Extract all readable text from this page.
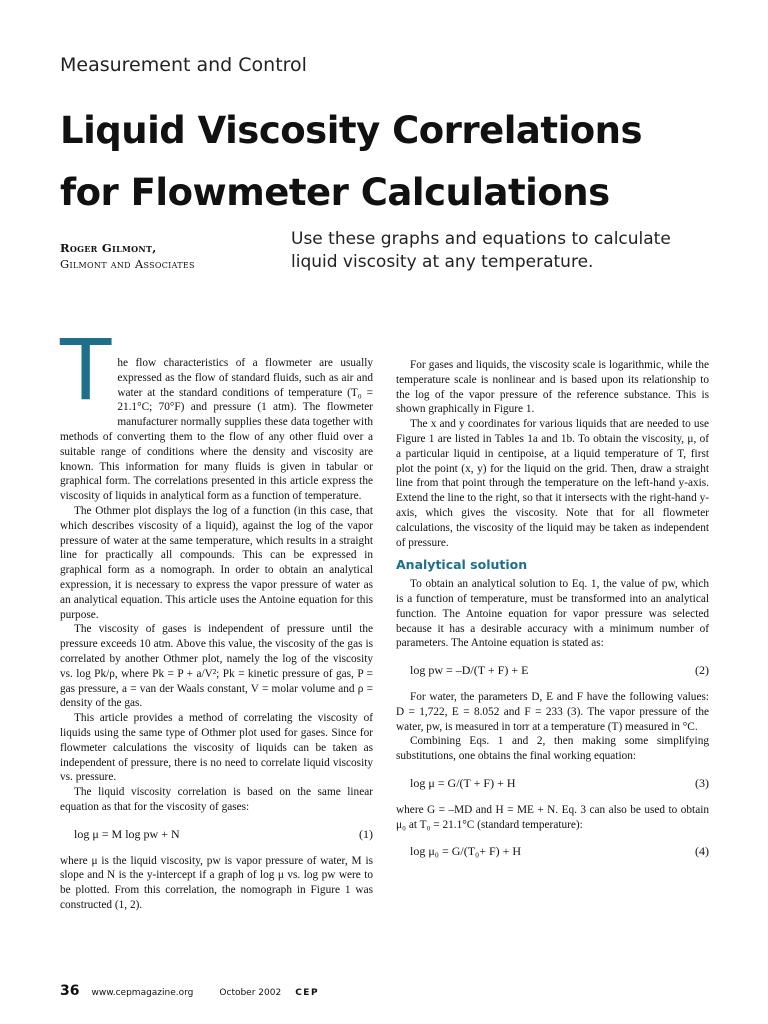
Measurement and Control
Liquid Viscosity Correlations
for Flowmeter Calculations
Roger Gilmont,
Gilmont and Associates
Use these graphs and equations to calculate liquid viscosity at any temperature.
T he flow characteristics of a flowmeter are usually expressed as the flow of standard fluids, such as air and water at the standard conditions of temperature (T₀ = 21.1°C; 70°F) and pressure (1 atm). The flowmeter manufacturer normally supplies these data together with methods of converting them to the flow of any other fluid over a suitable range of conditions where the density and viscosity are known. This information for many fluids is given in tabular or graphical form. The correlations presented in this article express the viscosity of liquids in analytical form as a function of temperature.

The Othmer plot displays the log of a function (in this case, that which describes viscosity of a liquid), against the log of the vapor pressure of water at the same temperature, which results in a straight line for practically all compounds. This can be expressed in graphical form as a nomograph. In order to obtain an analytical expression, it is necessary to express the vapor pressure of water as an analytical equation. This article uses the Antoine equation for this purpose.

The viscosity of gases is independent of pressure until the pressure exceeds 10 atm. Above this value, the viscosity of the gas is correlated by another Othmer plot, namely the log of the viscosity vs. log Pk/ρ, where Pk = P + a/V²; Pk = kinetic pressure of gas, P = gas pressure, a = van der Waals constant, V = molar volume and ρ = density of the gas.

This article provides a method of correlating the viscosity of liquids using the same type of Othmer plot used for gases. Since for flowmeter calculations the viscosity of liquids can be taken as independent of pressure, there is no need to correlate liquid viscosity vs. pressure.

The liquid viscosity correlation is based on the same linear equation as that for the viscosity of gases:

log μ = M log pw + N	(1)

where μ is the liquid viscosity, pw is vapor pressure of water, M is slope and N is the y-intercept if a graph of log μ vs. log pw were to be plotted. From this correlation, the nomograph in Figure 1 was constructed (1, 2).

For gases and liquids, the viscosity scale is logarithmic, while the temperature scale is nonlinear and is based upon its relationship to the log of the vapor pressure of the reference substance. This is shown graphically in Figure 1.

The x and y coordinates for various liquids that are needed to use Figure 1 are listed in Tables 1a and 1b. To obtain the viscosity, μ, of a particular liquid in centipoise, at a liquid temperature of T, first plot the point (x, y) for the liquid on the grid. Then, draw a straight line from that point through the temperature on the left-hand y-axis. Extend the line to the right, so that it intersects with the right-hand y-axis, which gives the viscosity. Note that for all flowmeter calculations, the viscosity of the liquid may be taken as independent of pressure.

Analytical solution

To obtain an analytical solution to Eq. 1, the value of pw, which is a function of temperature, must be transformed into an analytical function. The Antoine equation for vapor pressure was selected because it has a desirable accuracy with a minimum number of parameters. The Antoine equation is stated as:

log pw = –D/(T + F) + E	(2)

For water, the parameters D, E and F have the following values: D = 1,722, E = 8.052 and F = 233 (3). The vapor pressure of the water, pw, is measured in torr at a temperature (T) measured in °C.

Combining Eqs. 1 and 2, then making some simplifying substitutions, one obtains the final working equation:

log μ = G/(T + F) + H	(3)

where G = –MD and H = ME + N. Eq. 3 can also be used to obtain μ₀ at T₀ = 21.1°C (standard temperature):

log μ₀ = G/(T₀+ F) + H	(4)
36 www.cepmagazine.org	October 2002 CEP
